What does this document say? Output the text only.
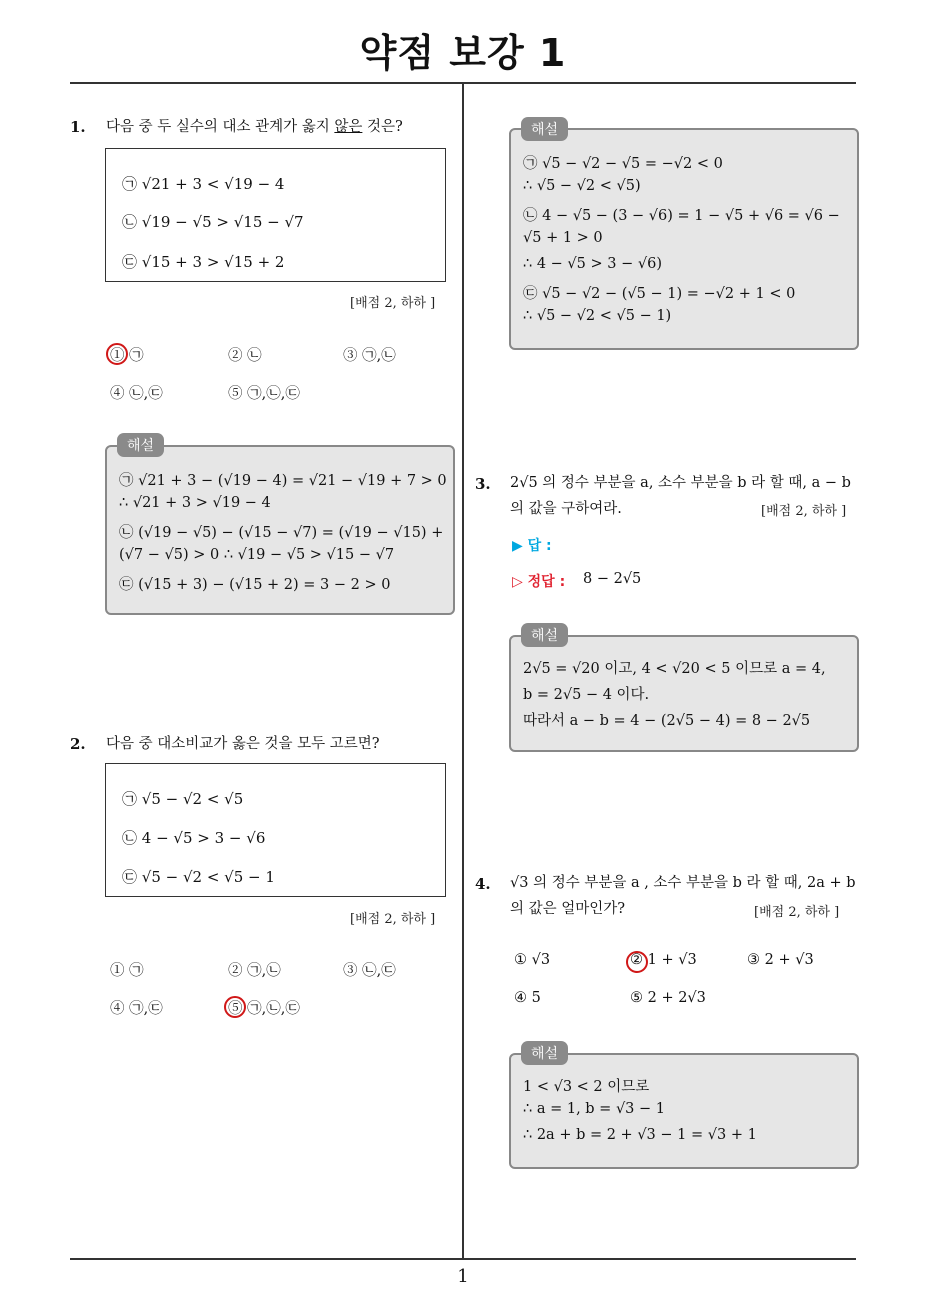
약점 보강 1
1
1. 다음 중 두 실수의 대소 관계가 옳지 않은 것은?
㉠ √21 + 3 < √19 − 4
㉡ √19 − √5 > √15 − √7
㉢ √15 + 3 > √15 + 2
[배점 2, 하하 ]
① ㉠	② ㉡	③ ㉠,㉡
④ ㉡,㉢	⑤ ㉠,㉡,㉢
㉠ √21 + 3 − (√19 − 4) = √21 − √19 + 7 > 0
∴ √21 + 3 > √19 − 4
㉡ (√19 − √5) − (√15 − √7) = (√19 − √15) +
(√7 − √5) > 0 ∴ √19 − √5 > √15 − √7
㉢ (√15 + 3) − (√15 + 2) = 3 − 2 > 0
해설
2. 다음 중 대소비교가 옳은 것을 모두 고르면?
㉠ √5 − √2 < √5
㉡ 4 − √5 > 3 − √6
㉢ √5 − √2 < √5 − 1
[배점 2, 하하 ]
① ㉠	② ㉠,㉡	③ ㉡,㉢
④ ㉠,㉢	⑤ ㉠,㉡,㉢
㉠ √5 − √2 − √5 = −√2 < 0
∴ √5 − √2 < √5)
㉡ 4 − √5 − (3 − √6) = 1 − √5 + √6 = √6 −
√5 + 1 > 0
∴ 4 − √5 > 3 − √6)
㉢ √5 − √2 − (√5 − 1) = −√2 + 1 < 0
∴ √5 − √2 < √5 − 1)
해설
3. 2√5 의 정수 부분을 a, 소수 부분을 b 라 할 때, a − b
의 값을 구하여라.	[배점 2, 하하 ]
▶ 답 :
▷ 정답 : 8 − 2√5
2√5 = √20 이고, 4 < √20 < 5 이므로 a = 4,
b = 2√5 − 4 이다.
따라서 a − b = 4 − (2√5 − 4) = 8 − 2√5
해설
4. √3 의 정수 부분을 a , 소수 부분을 b 라 할 때, 2a + b
의 값은 얼마인가?	[배점 2, 하하 ]
① √3	② 1 + √3	③ 2 + √3
④ 5	⑤ 2 + 2√3
1 < √3 < 2 이므로
∴ a = 1, b = √3 − 1
∴ 2a + b = 2 + √3 − 1 = √3 + 1
해설
